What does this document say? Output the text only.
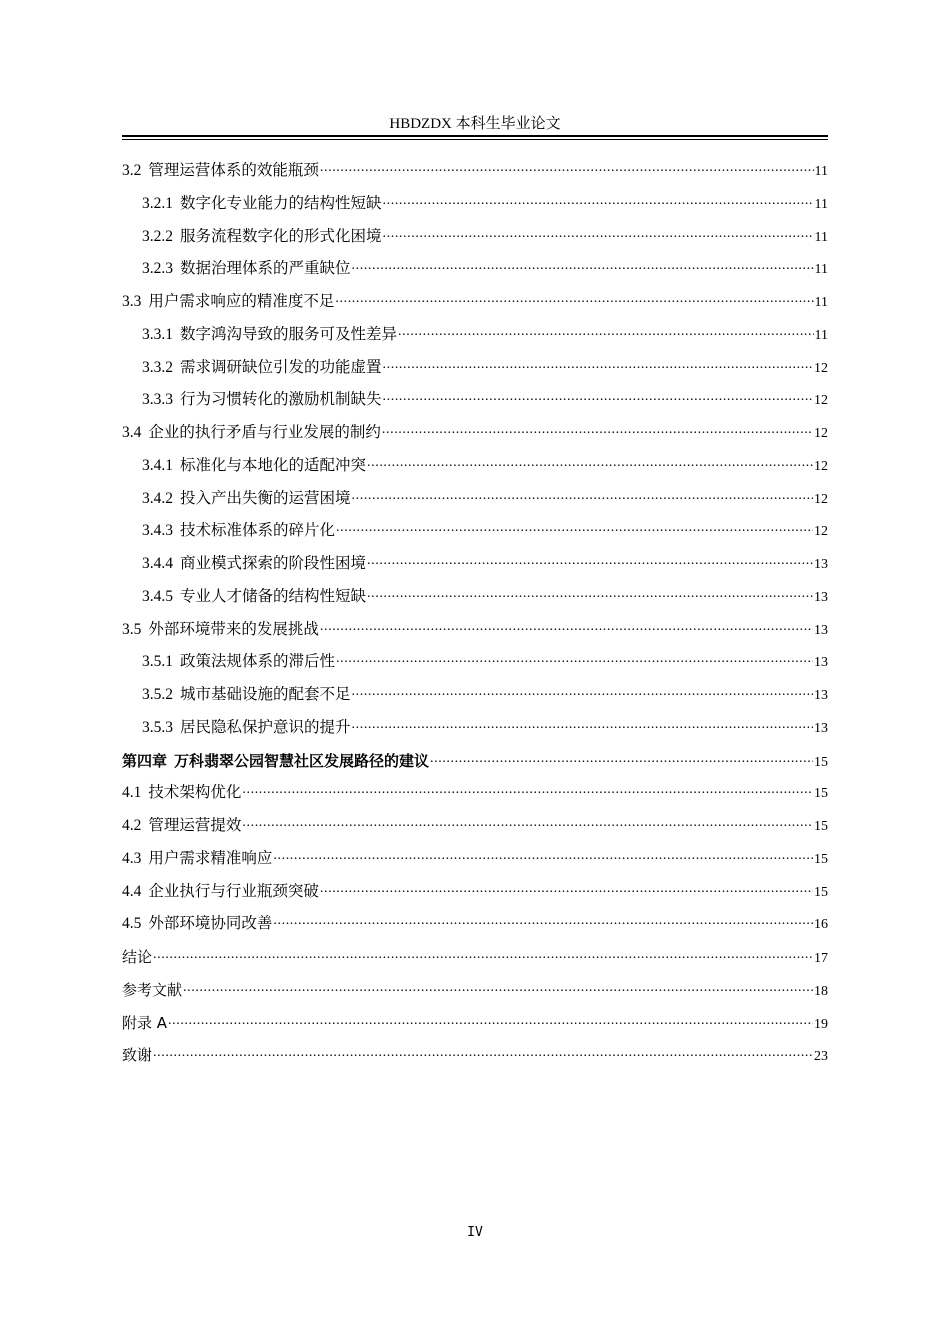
HBDZDX 本科生毕业论文
3.2 管理运营体系的效能瓶颈 .....	11
3.2.1 数字化专业能力的结构性短缺 .....	11
3.2.2 服务流程数字化的形式化困境 .....	11
3.2.3 数据治理体系的严重缺位 .....	11
3.3 用户需求响应的精准度不足 .....	11
3.3.1 数字鸿沟导致的服务可及性差异 .....	11
3.3.2 需求调研缺位引发的功能虚置 .....	12
3.3.3 行为习惯转化的激励机制缺失 .....	12
3.4 企业的执行矛盾与行业发展的制约 .....	12
3.4.1 标准化与本地化的适配冲突 .....	12
3.4.2 投入产出失衡的运营困境 .....	12
3.4.3 技术标准体系的碎片化 .....	12
3.4.4 商业模式探索的阶段性困境 .....	13
3.4.5 专业人才储备的结构性短缺 .....	13
3.5 外部环境带来的发展挑战 .....	13
3.5.1 政策法规体系的滞后性 .....	13
3.5.2 城市基础设施的配套不足 .....	13
3.5.3 居民隐私保护意识的提升 .....	13
第四章 万科翡翠公园智慧社区发展路径的建议 .....	15
4.1 技术架构优化 .....	15
4.2 管理运营提效 .....	15
4.3 用户需求精准响应 .....	15
4.4 企业执行与行业瓶颈突破 .....	15
4.5 外部环境协同改善 .....	16
结论 .....	17
参考文献 .....	18
附录 A .....	19
致谢 .....	23
IV
